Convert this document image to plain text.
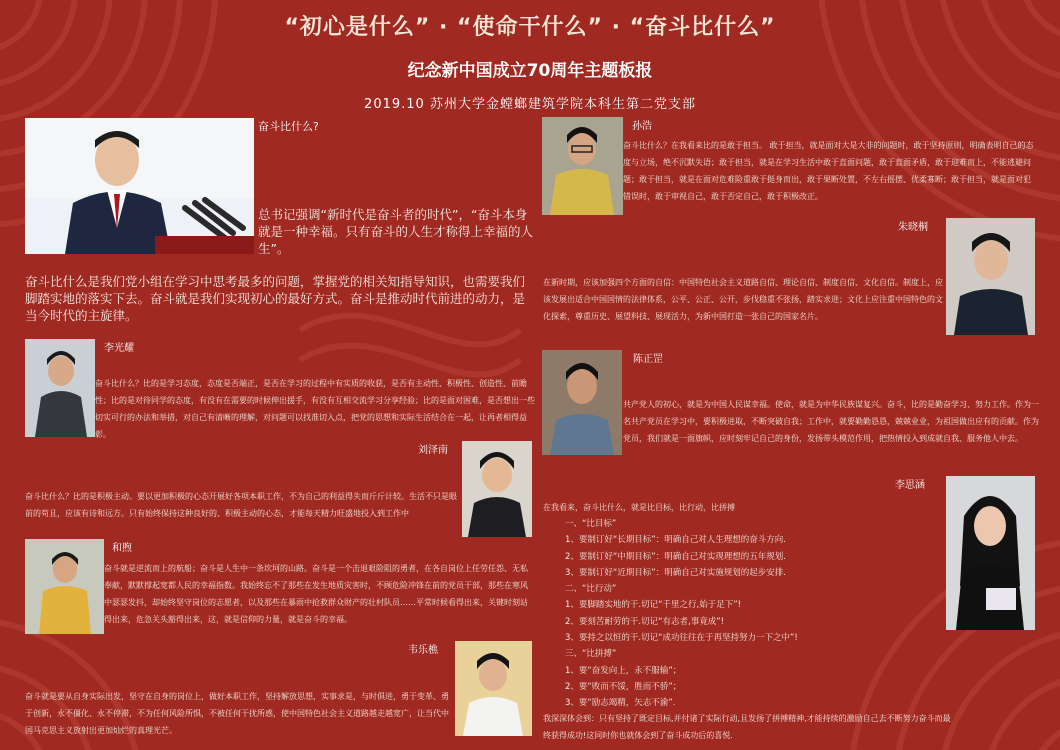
“初心是什么” · “使命干什么” · “奋斗比什么”
纪念新中国成立70周年主题板报
2019.10 苏州大学金螳螂建筑学院本科生第二党支部
奋斗比什么?
总书记强调“新时代是奋斗者的时代”，“奋斗本身就是一种幸福。只有奋斗的人生才称得上幸福的人生”。
奋斗比什么是我们党小组在学习中思考最多的问题，掌握党的相关知指导知识，也需要我们脚踏实地的落实下去。奋斗就是我们实现初心的最好方式。奋斗是推动时代前进的动力，是当今时代的主旋律。
李光耀
奋斗比什么？比的是学习态度，态度是否端正，是否在学习的过程中有实质的收获，是否有主动性、积极性、创造性、前瞻性；比的是对待同学的态度，有没有在需要的时候伸出援手，有没有互相交流学习分享经验；比的是面对困难，是否想出一些切实可行的办法和举措，对自己有清晰的理解，对问题可以找准切入点，把党的思想和实际生活结合在一起，让再者相得益彰。
刘泽南
奋斗比什么？比的是积极主动。要以更加积极的心态开展好各项本职工作，不为自己的利益得失而斤斤计较。生活不只是眼前的苟且，应该有诗和远方。只有始终保持这种良好的、积极主动的心态，才能每天精力旺盛地投入到工作中
和煦
奋斗就是逆流而上的航船；奋斗是人生中一条坎坷的山路。奋斗是一个击退艰险阻的勇者，在各自岗位上任劳任怨、无私奉献，默默撑起宽都人民的幸福指数。我始终忘不了那些在发生地质灾害时，不顾危险冲锋在前的党员干部，那些在寒风中瑟瑟发抖，却始终坚守岗位的志愿者，以及那些在暴雨中抢救群众财产的壮村队员……平常时候看得出来，关键时刻站得出来，危急关头豁得出来，这，就是信仰的力量，就是奋斗的幸福。
韦乐樵
奋斗就是要从自身实际出发，坚守在自身的岗位上，做好本职工作，坚持解放思想，实事求是，与时俱进，勇于变革、勇于创新，永不僵化、永不停滞，不为任何风险所惧，不被任何干扰所惑，使中国特色社会主义道路越走越宽广，让当代中国马克思主义放射出更加灿烂的真理光芒。
孙浩
奋斗比什么？在我看来比的是敢于担当。 敢于担当，就是面对大是大非的问题时，敢于坚持原则，明确表明自己的态度与立场，绝不沉默失语；敢于担当，就是在学习生活中敢于直面问题，敢于直面矛盾，敢于迎难而上，不能逃避问题；敢于担当，就是在面对危难险重敢于挺身而出，敢于果断处置，不左右摇摆、优柔寡断；敢于担当，就是面对犯错误时，敢于审视自己，敢于否定自己，敢于积极改正。
朱晓桐
在新时期，应该加强四个方面的自信：中国特色社会主义道路自信、理论自信、制度自信、文化自信。制度上，应该发展出适合中国国情的法律体系，公平、公正、公开，步伐稳重不张扬，踏实求进；文化上应注重中国特色的文化探索，尊重历史、展望科技、展现活力，为新中国打造一张自己的国家名片。
陈正罡
共产党人的初心，就是为中国人民谋幸福。使命，就是为中华民族谋复兴。奋斗，比的是勤奋学习、努力工作。作为一名共产党员在学习中，要积极进取，不断突破自我；工作中，就要勤勤恳恳，兢兢业业，为祖国做出应有的贡献。作为党员，我们就是一面旗帜，应时刻牢记自己的身份，发扬带头模范作用，把热情投入到成就自我、服务他人中去。
李思涵
在我看来，奋斗比什么，就是比目标，比行动，比拼搏
一、“比目标”
1、要制订好“长期目标”：明确自己对人生理想的奋斗方向.
2、要制订好“中期目标”：明确自己对实现理想的五年规划.
3、要制订好“近期目标”：明确自己对实施规划的起步安排.
二、“比行动”
1、要脚踏实地的干.切记“千里之行,始于足下”!
2、要刻苦耐劳的干.切记“有志者,事竟成”!
3、要持之以恒的干.切记“成功往往在于再坚持努力一下之中”!
三、“比拼搏”
1、要“奋发向上，永不服输”；
2、要“败而不馁，胜而不骄”；
3、要“励志竭精，矢志不渝”.
我深深体会到：只有坚持了既定目标,并付诸了实际行动,且发扬了拼搏精神,才能持续的激励自己去不断努力奋斗而最终获得成功!这同时你也就体会到了奋斗成功后的喜悦.
